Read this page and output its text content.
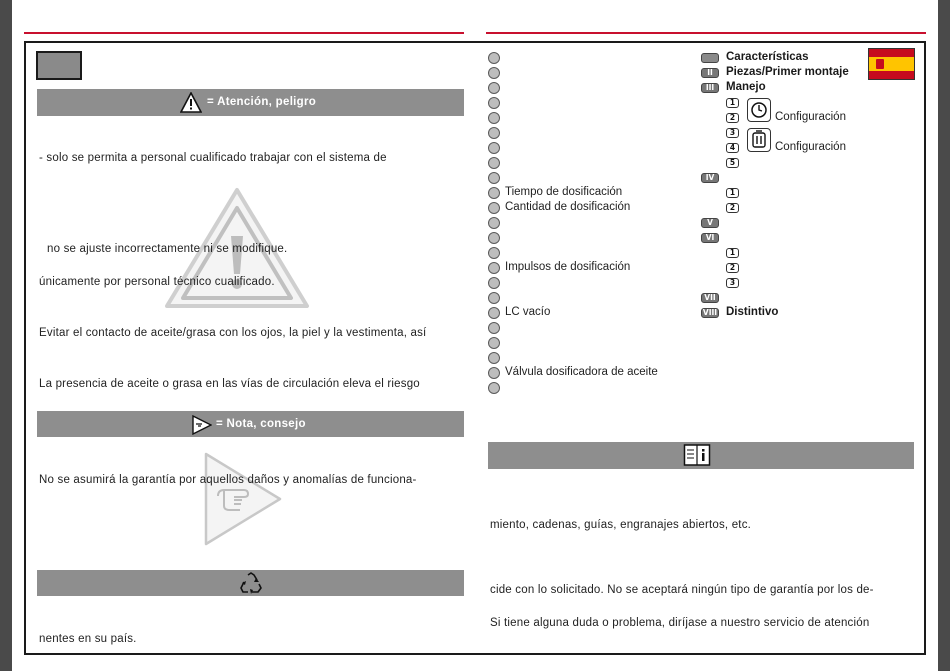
= Atención, peligro
- solo se permita a personal cualificado trabajar con el sistema de
no se ajuste incorrectamente ni se modifique.
únicamente por personal técnico cualificado.
Evitar el contacto de aceite/grasa con los ojos, la piel y la vestimenta, así
La presencia de aceite o grasa en las vías de circulación eleva el riesgo
= Nota, consejo
No se asumirá la garantía por aquellos daños y anomalías de funciona-
nentes en su país.
Tiempo de dosificación
Cantidad de dosificación
Impulsos de dosificación
LC vacío
Válvula dosificadora de aceite
Características
II	Piezas/Primer montaje
III	Manejo
1
2
3
4
5
Configuración
Configuración
IV
1
2
V
VI
1
2
3
VII
VIII Distintivo
miento, cadenas, guías, engranajes abiertos, etc.
cide con lo solicitado. No se aceptará ningún tipo de garantía por los de-
Si tiene alguna duda o problema, diríjase a nuestro servicio de atención
